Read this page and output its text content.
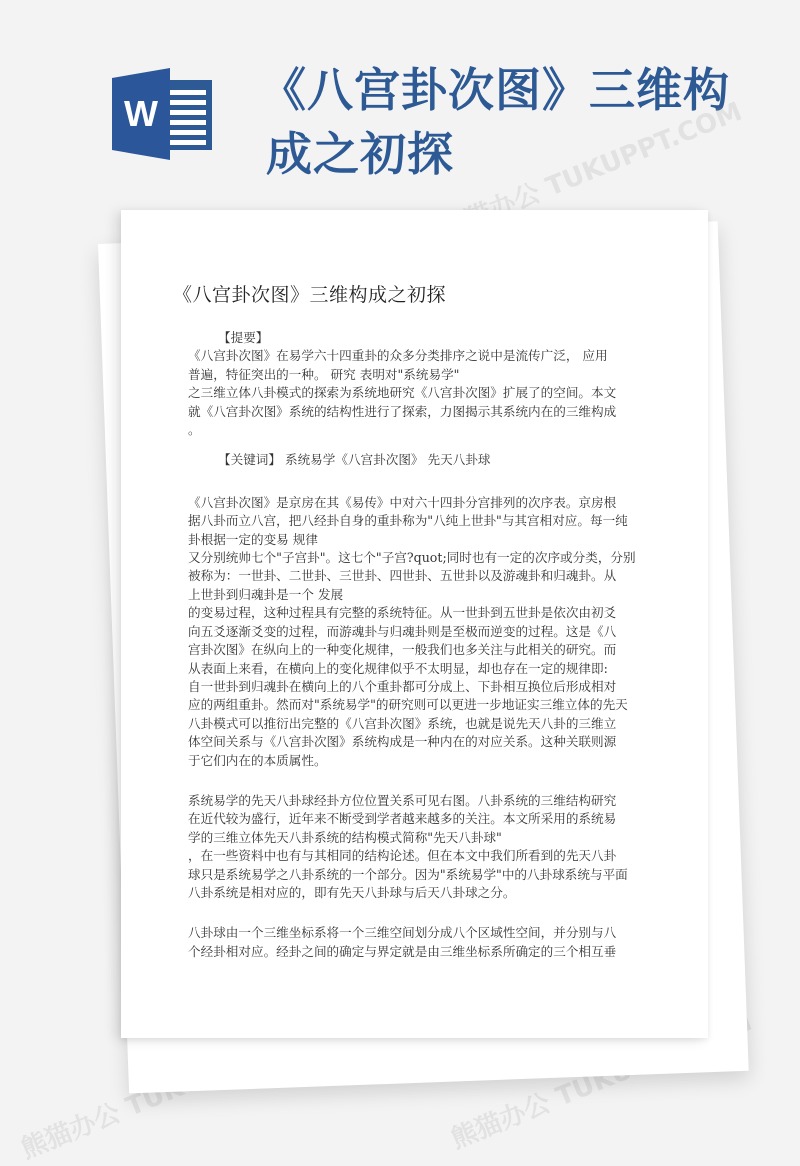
W 《八宫卦次图》三维构
成之初探
熊猫办公 TUKUPPT.COM
熊猫办公	熊猫办公 TUKUPPT.COM
《八宫卦次图》三维构成之初探

【提要】

《八宫卦次图》在易学六十四重卦的众多分类排序之说中是流传广泛， 应用

普遍，特征突出的一种。 研究 表明对"系统易学"

之三维立体八卦模式的探索为系统地研究《八宫卦次图》扩展了的空间。本文

就《八宫卦次图》系统的结构性进行了探索，力图揭示其系统内在的三维构成

。

【关键词】 系统易学《八宫卦次图》 先天八卦球

《八宫卦次图》是京房在其《易传》中对六十四卦分宫排列的次序表。京房根

据八卦而立八宫，把八经卦自身的重卦称为"八纯上世卦"与其宫相对应。每一纯

卦根据一定的变易 规律

又分别统帅七个"子宫卦"。这七个"子宫?quot;同时也有一定的次序或分类，分别

被称为：一世卦、二世卦、三世卦、四世卦、五世卦以及游魂卦和归魂卦。从

上世卦到归魂卦是一个 发展

的变易过程，这种过程具有完整的系统特征。从一世卦到五世卦是依次由初爻

向五爻逐渐爻变的过程，而游魂卦与归魂卦则是至极而逆变的过程。这是《八

宫卦次图》在纵向上的一种变化规律，一般我们也多关注与此相关的研究。而

从表面上来看，在横向上的变化规律似乎不太明显，却也存在一定的规律即:

自一世卦到归魂卦在横向上的八个重卦都可分成上、下卦相互换位后形成相对

应的两组重卦。然而对"系统易学"的研究则可以更进一步地证实三维立体的先天

八卦模式可以推衍出完整的《八宫卦次图》系统，也就是说先天八卦的三维立

体空间关系与《八宫卦次图》系统构成是一种内在的对应关系。这种关联则源

于它们内在的本质属性。

系统易学的先天八卦球经卦方位位置关系可见右图。八卦系统的三维结构研究

在近代较为盛行，近年来不断受到学者越来越多的关注。本文所采用的系统易

学的三维立体先天八卦系统的结构模式简称"先天八卦球"

，在一些资料中也有与其相同的结构论述。但在本文中我们所看到的先天八卦

球只是系统易学之八卦系统的一个部分。因为"系统易学"中的八卦球系统与平面

八卦系统是相对应的，即有先天八卦球与后天八卦球之分。

八卦球由一个三维坐标系将一个三维空间划分成八个区域性空间，并分别与八

个经卦相对应。经卦之间的确定与界定就是由三维坐标系所确定的三个相互垂
